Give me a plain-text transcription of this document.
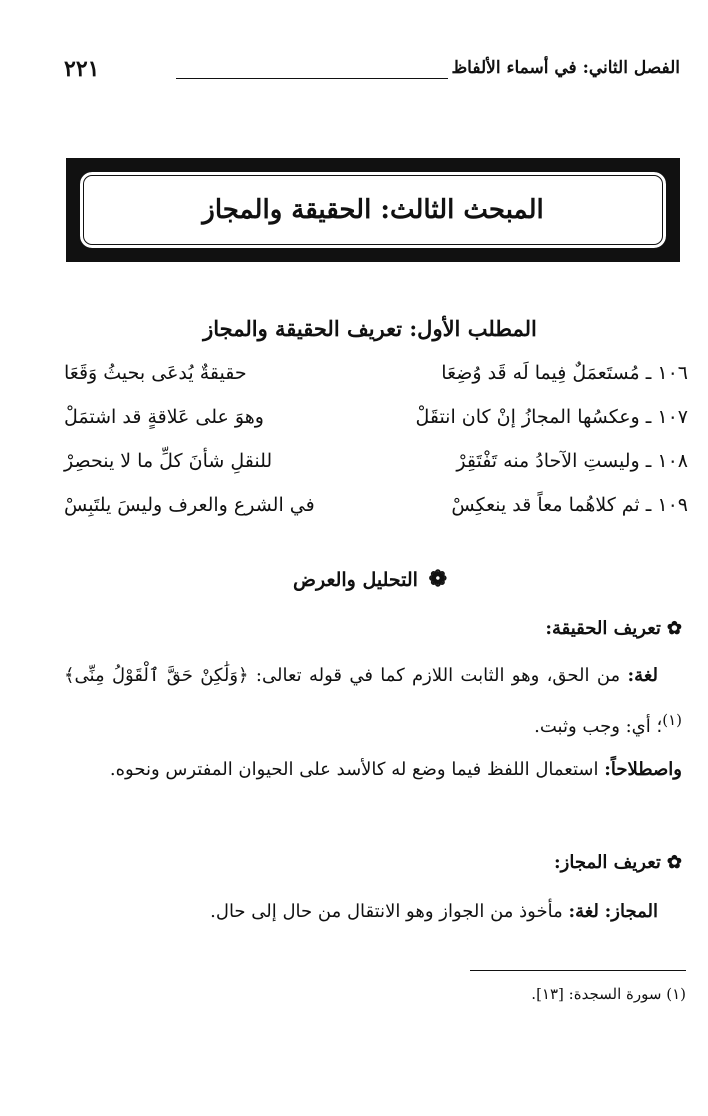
الفصل الثاني: في أسماء الألفاظ
٢٢١
المبحث الثالث: الحقيقة والمجاز
المطلب الأول: تعريف الحقيقة والمجاز
١٠٦ ـ مُستَعمَلٌ فِيما لَه قَد وُضِعَا
حقيقةٌ يُدعَى بحيثُ وَقَعَا
١٠٧ ـ وعكسُها المجازُ إنْ كان انتقَلْ
وهوَ على عَلاقةٍ قد اشتمَلْ
١٠٨ ـ وليستِ الآحادُ منه تَفْتَقِرْ
للنقلِ شأنَ كلِّ ما لا ينحصِرْ
١٠٩ ـ ثم كلاهُما معاً قد ينعكِسْ
في الشرع والعرف وليسَ يلتَبِسْ
❁ التحليل والعرض
✿تعريف الحقيقة:
لغة: من الحق، وهو الثابت اللازم كما في قوله تعالى: ﴿وَلَٰكِنْ حَقَّ ٱلْقَوْلُ مِنِّى﴾$^{(١)}$؛ أي: وجب وثبت.
واصطلاحاً: استعمال اللفظ فيما وضع له كالأسد على الحيوان المفترس ونحوه.
✿تعريف المجاز:
المجاز: لغة: مأخوذ من الجواز وهو الانتقال من حال إلى حال.
(١) سورة السجدة: [١٣].
